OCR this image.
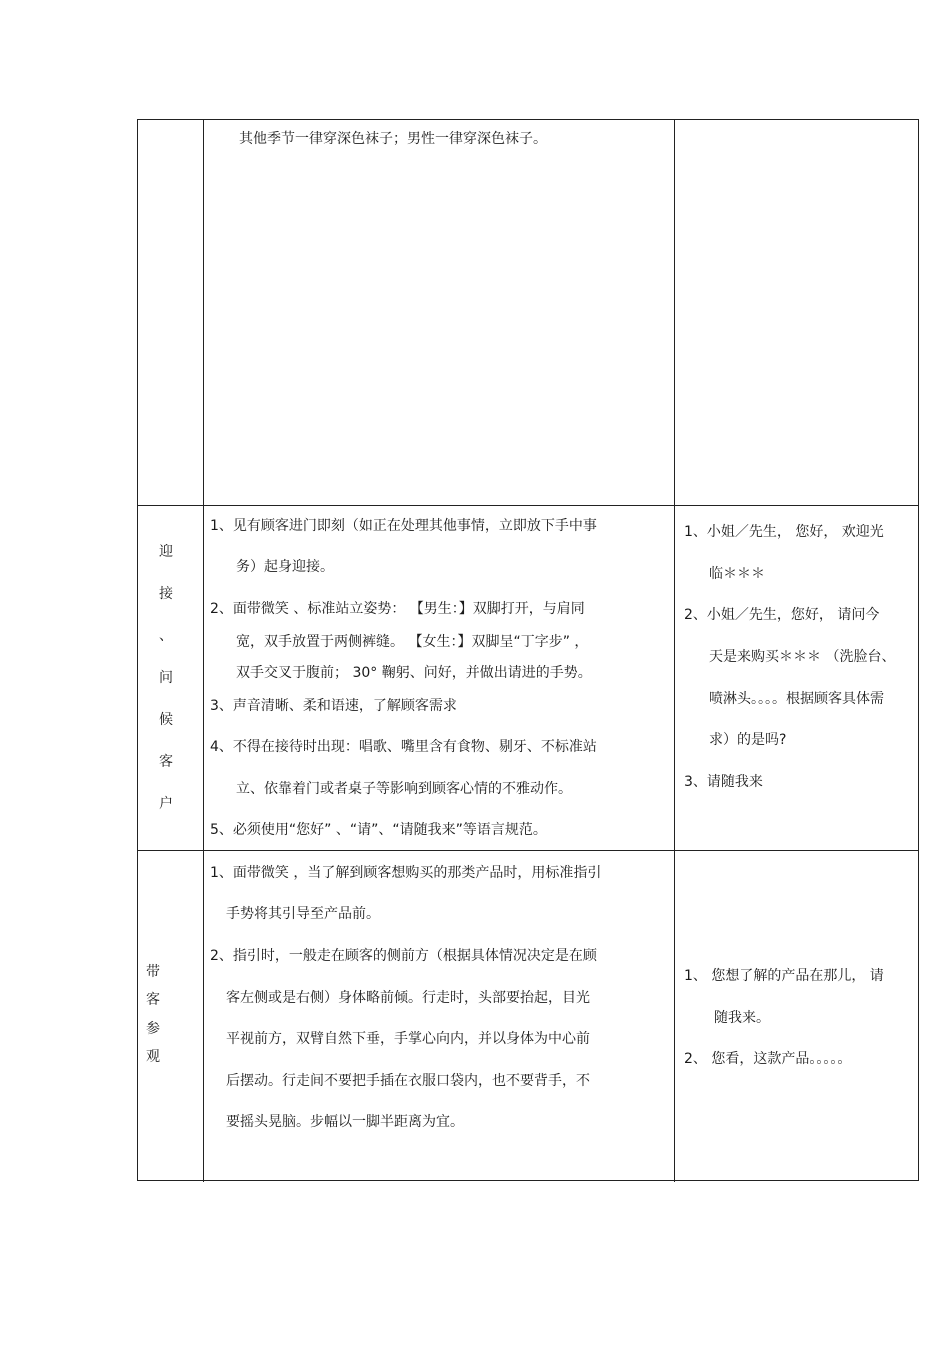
其他季节一律穿深色袜子；男性一律穿深色袜子。
迎
接
、
问
候
客
户
1、见有顾客进门即刻（如正在处理其他事情，立即放下手中事
务）起身迎接。
2、面带微笑 、标准站立姿势： 【男生：】双脚打开，与肩同
宽，双手放置于两侧裤缝。 【女生：】双脚呈“丁字步” ，
双手交叉于腹前； 30° 鞠躬、问好，并做出请进的手势。
3、声音清晰、柔和语速，了解顾客需求
4、不得在接待时出现：唱歌、嘴里含有食物、剔牙、不标准站
立、依靠着门或者桌子等影响到顾客心情的不雅动作。
5、必须使用“您好” 、“请”、“请随我来”等语言规范。
1、小姐／先生， 您好， 欢迎光
临＊＊＊
2、小姐／先生，您好， 请问今
天是来购买＊＊＊ （洗脸台、
喷淋头。。。。根据顾客具体需
求）的是吗?
3、请随我来
带
客
参
观
1、面带微笑 ，当了解到顾客想购买的那类产品时，用标准指引
手势将其引导至产品前。
2、指引时，一般走在顾客的侧前方（根据具体情况决定是在顾
客左侧或是右侧）身体略前倾。行走时，头部要抬起，目光
平视前方，双臂自然下垂，手掌心向内，并以身体为中心前
后摆动。行走间不要把手插在衣服口袋内，也不要背手，不
要摇头晃脑。步幅以一脚半距离为宜。
1、 您想了解的产品在那儿， 请
随我来。
2、 您看，这款产品。。。。。
